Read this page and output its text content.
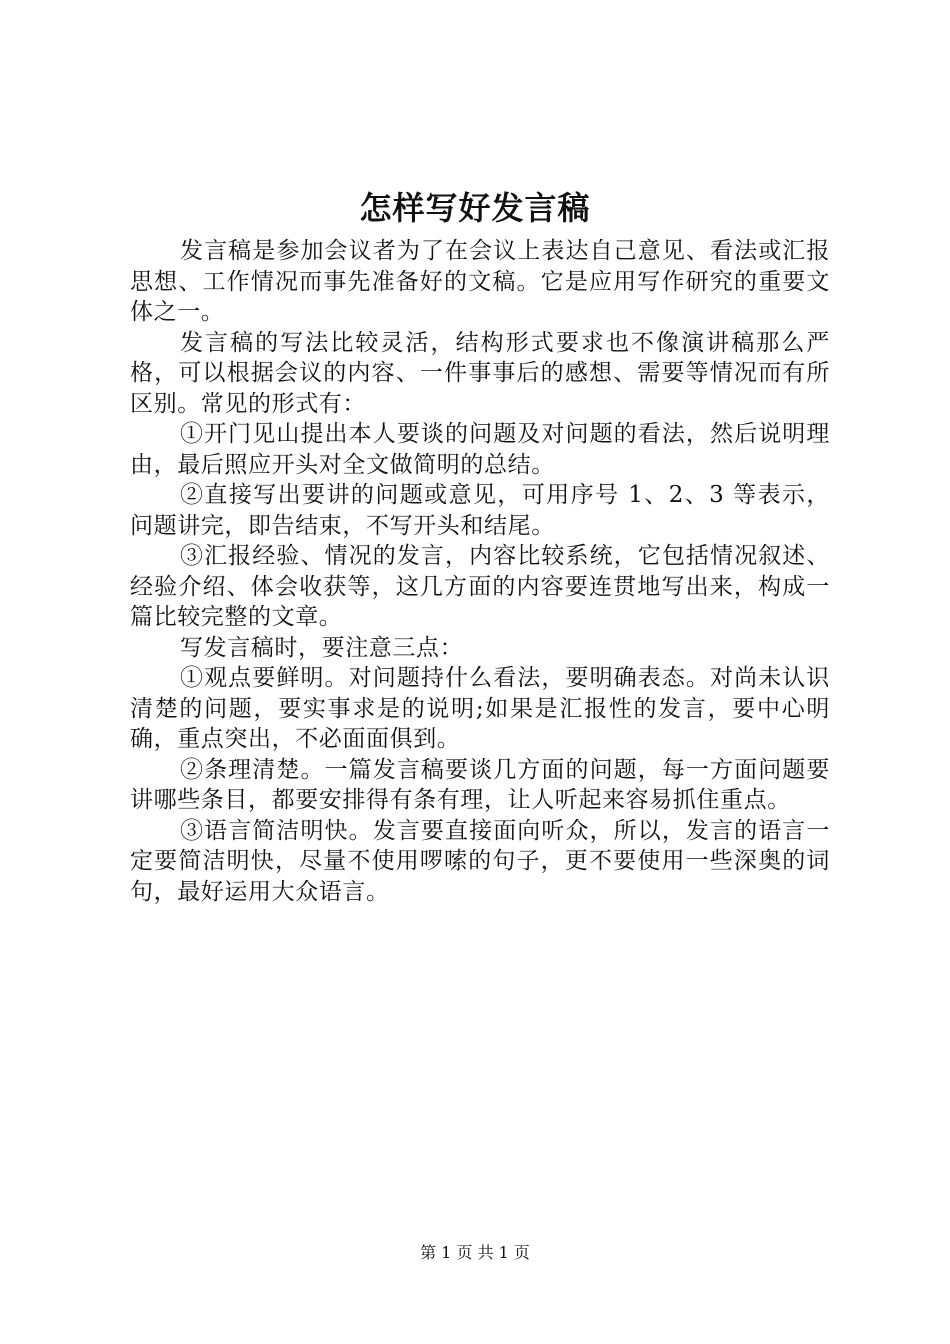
怎样写好发言稿

发言稿是参加会议者为了在会议上表达自己意见、看法或汇报思想、工作情况而事先准备好的文稿。它是应用写作研究的重要文体之一。

发言稿的写法比较灵活，结构形式要求也不像演讲稿那么严格，可以根据会议的内容、一件事事后的感想、需要等情况而有所区别。常见的形式有：

①开门见山提出本人要谈的问题及对问题的看法，然后说明理由，最后照应开头对全文做简明的总结。

②直接写出要讲的问题或意见，可用序号 1、2、3 等表示，问题讲完，即告结束，不写开头和结尾。

③汇报经验、情况的发言，内容比较系统，它包括情况叙述、经验介绍、体会收获等，这几方面的内容要连贯地写出来，构成一篇比较完整的文章。

写发言稿时，要注意三点：

①观点要鲜明。对问题持什么看法，要明确表态。对尚未认识清楚的问题，要实事求是的说明;如果是汇报性的发言，要中心明确，重点突出，不必面面俱到。

②条理清楚。一篇发言稿要谈几方面的问题，每一方面问题要讲哪些条目，都要安排得有条有理，让人听起来容易抓住重点。

③语言简洁明快。发言要直接面向听众，所以，发言的语言一定要简洁明快，尽量不使用啰嗦的句子，更不要使用一些深奥的词句，最好运用大众语言。

第 1 页 共 1 页
